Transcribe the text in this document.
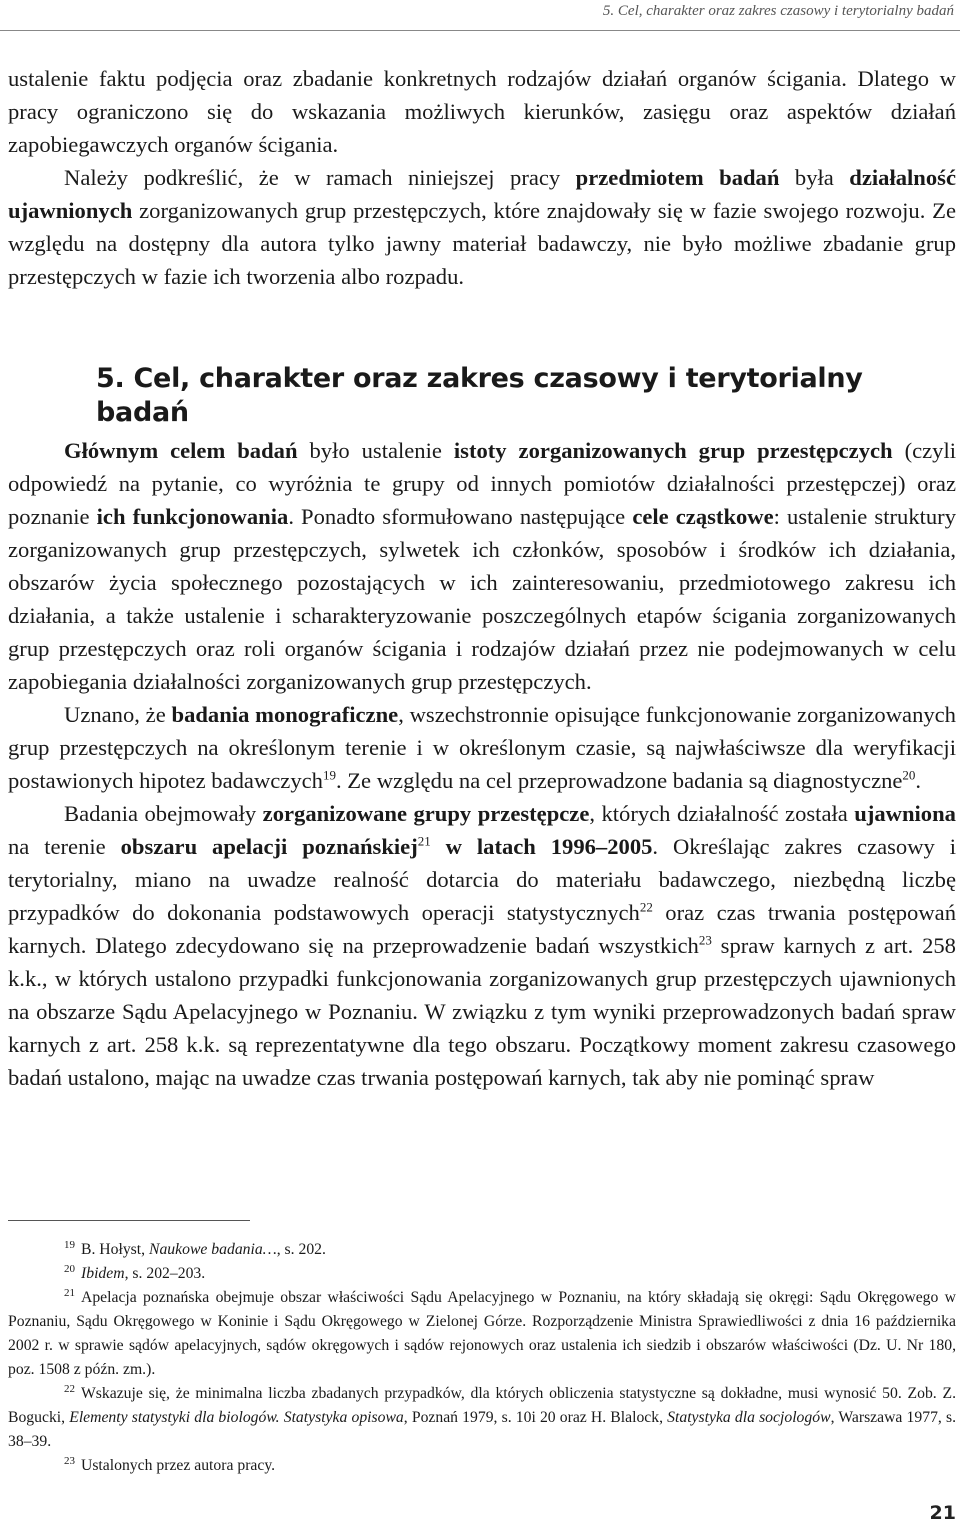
5. Cel, charakter oraz zakres czasowy i terytorialny badań

ustalenie faktu podjęcia oraz zbadanie konkretnych rodzajów działań organów ścigania. Dlatego w pracy ograniczono się do wskazania możliwych kierunków, zasięgu oraz aspektów działań zapobiegawczych organów ścigania.

Należy podkreślić, że w ramach niniejszej pracy przedmiotem badań była działalność ujawnionych zorganizowanych grup przestępczych, które znajdowały się w fazie swojego rozwoju. Ze względu na dostępny dla autora tylko jawny materiał badawczy, nie było możliwe zbadanie grup przestępczych w fazie ich tworzenia albo rozpadu.

5. Cel, charakter oraz zakres czasowy i terytorialny badań

Głównym celem badań było ustalenie istoty zorganizowanych grup przestępczych (czyli odpowiedź na pytanie, co wyróżnia te grupy od innych pomiotów działalności przestępczej) oraz poznanie ich funkcjonowania. Ponadto sformułowano następujące cele cząstkowe: ustalenie struktury zorganizowanych grup przestępczych, sylwetek ich członków, sposobów i środków ich działania, obszarów życia społecznego pozostających w ich zainteresowaniu, przedmiotowego zakresu ich działania, a także ustalenie i scharakteryzowanie poszczególnych etapów ścigania zorganizowanych grup przestępczych oraz roli organów ścigania i rodzajów działań przez nie podejmowanych w celu zapobiegania działalności zorganizowanych grup przestępczych.

Uznano, że badania monograficzne, wszechstronnie opisujące funkcjonowanie zorganizowanych grup przestępczych na określonym terenie i w określonym czasie, są najwłaściwsze dla weryfikacji postawionych hipotez badawczych$^{19}$. Ze względu na cel przeprowadzone badania są diagnostyczne$^{20}$.

Badania obejmowały zorganizowane grupy przestępcze, których działalność została ujawniona na terenie obszaru apelacji poznańskiej$^{21}$ w latach 1996–2005. Określając zakres czasowy i terytorialny, miano na uwadze realność dotarcia do materiału badawczego, niezbędną liczbę przypadków do dokonania podstawowych operacji statystycznych$^{22}$ oraz czas trwania postępowań karnych. Dlatego zdecydowano się na przeprowadzenie badań wszystkich$^{23}$ spraw karnych z art. 258 k.k., w których ustalono przypadki funkcjonowania zorganizowanych grup przestępczych ujawnionych na obszarze Sądu Apelacyjnego w Poznaniu. W związku z tym wyniki przeprowadzonych badań spraw karnych z art. 258 k.k. są reprezentatywne dla tego obszaru. Początkowy moment zakresu czasowego badań ustalono, mając na uwadze czas trwania postępowań karnych, tak aby nie pominąć spraw

$^{19}$ B. Hołyst, Naukowe badania…, s. 202.

$^{20}$ Ibidem, s. 202–203.

$^{21}$ Apelacja poznańska obejmuje obszar właściwości Sądu Apelacyjnego w Poznaniu, na który składają się okręgi: Sądu Okręgowego w Poznaniu, Sądu Okręgowego w Koninie i Sądu Okręgowego w Zielonej Górze. Rozporządzenie Ministra Sprawiedliwości z dnia 16 października 2002 r. w sprawie sądów apelacyjnych, sądów okręgowych i sądów rejonowych oraz ustalenia ich siedzib i obszarów właściwości (Dz. U. Nr 180, poz. 1508 z późn. zm.).

$^{22}$ Wskazuje się, że minimalna liczba zbadanych przypadków, dla których obliczenia statystyczne są dokładne, musi wynosić 50. Zob. Z. Bogucki, Elementy statystyki dla biologów. Statystyka opisowa, Poznań 1979, s. 10i 20 oraz H. Blalock, Statystyka dla socjologów, Warszawa 1977, s. 38–39.

$^{23}$ Ustalonych przez autora pracy.

21
